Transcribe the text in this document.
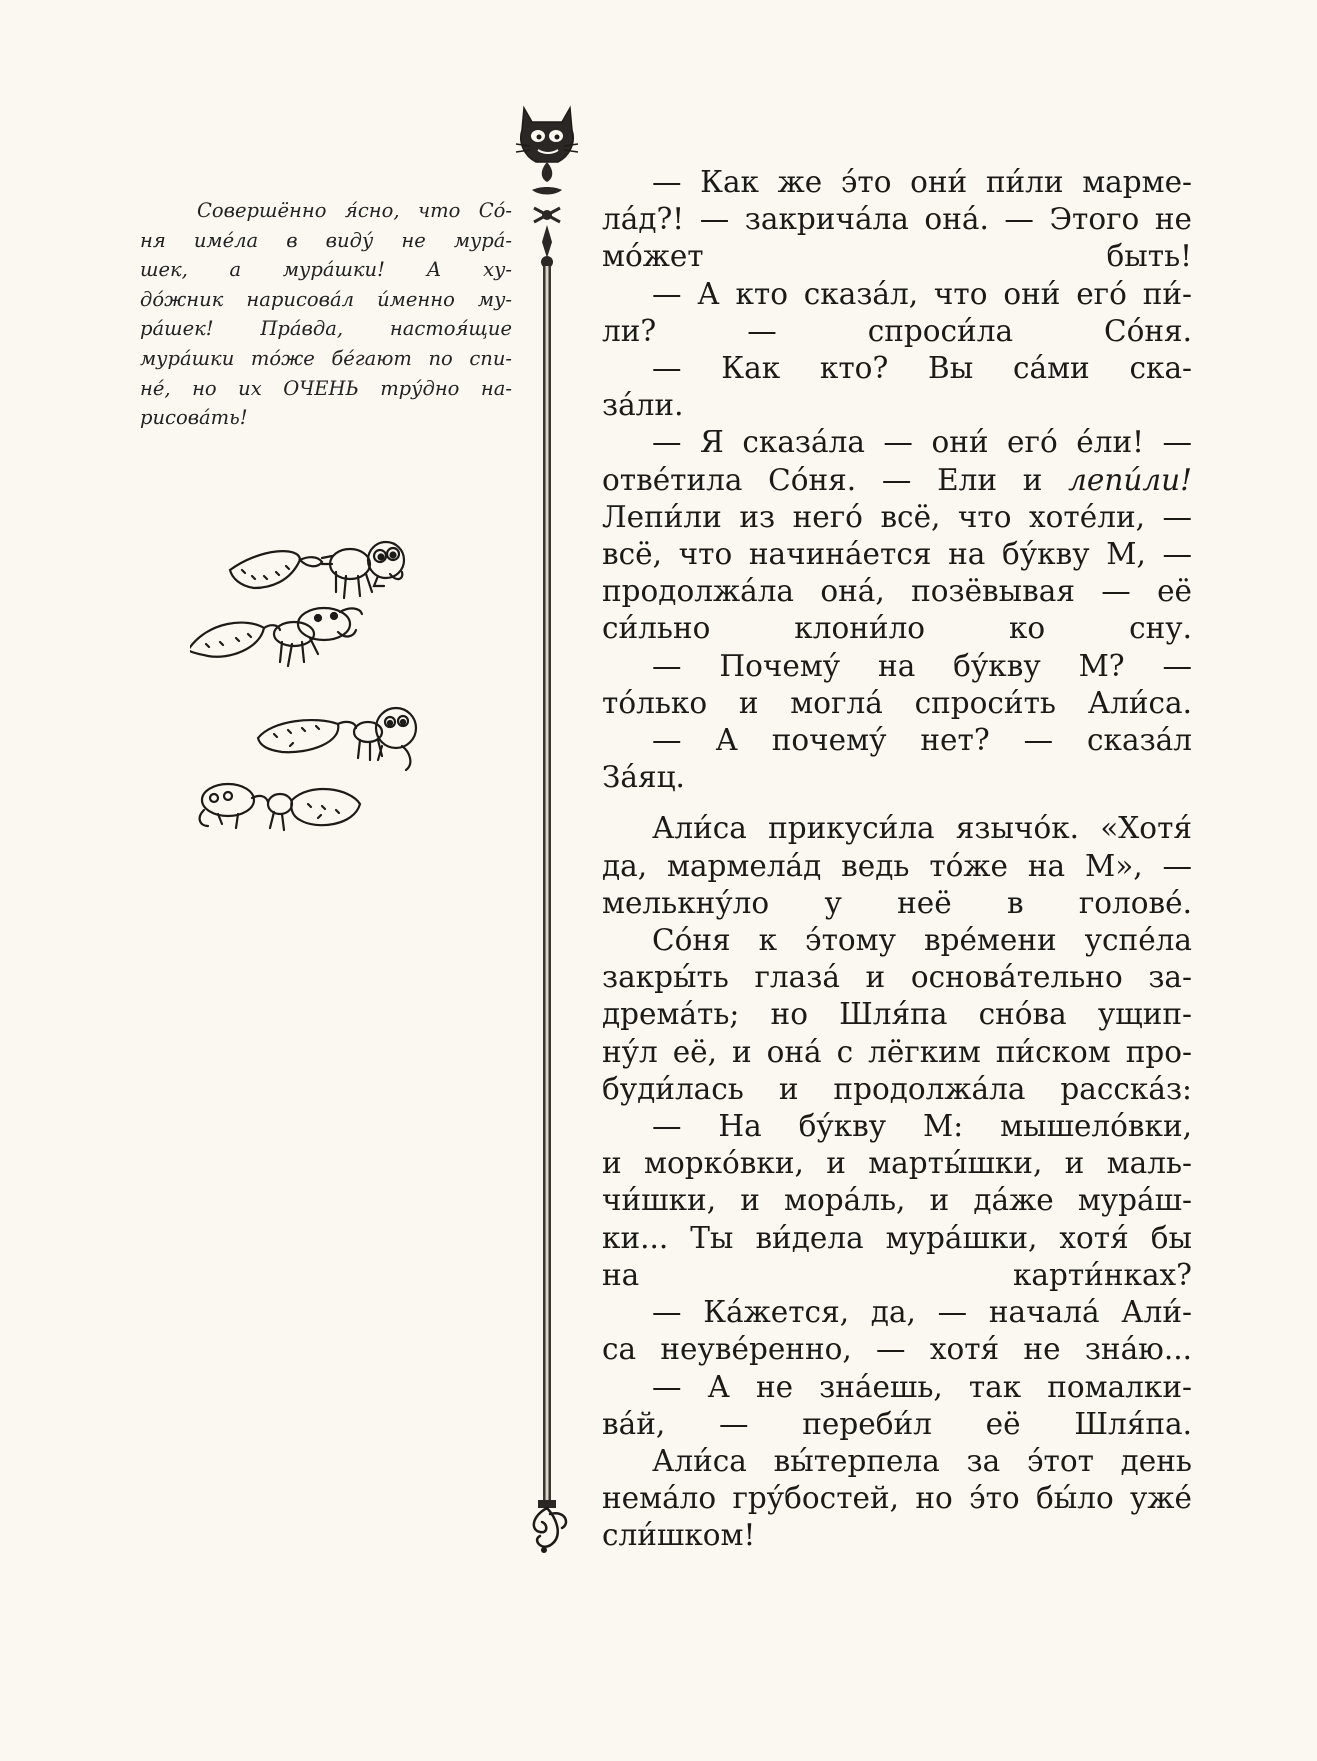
Совершённо я́сно, что Со́-
ня име́ла в виду́ не мура́-
шек, а мура́шки! А ху-
до́жник нарисова́л и́менно му-
ра́шек! Пра́вда, настоя́щие
мура́шки то́же бе́гают по спи-
не́, но их ОЧЕНЬ тру́дно на-
рисова́ть!

— Как же э́то они́ пи́ли марме-
ла́д?! — закрича́ла она́. — Этого не
мо́жет быть!

— А кто сказа́л, что они́ его́ пи́-
ли? — спроси́ла Со́ня.

— Как кто? Вы са́ми ска-
за́ли.

— Я сказа́ла — они́ его́ е́ли! —
отве́тила Со́ня. — Ели и лепи́ли!
Лепи́ли из него́ всё, что хоте́ли, —
всё, что начина́ется на бу́кву М, —
продолжа́ла она́, позёвывая — её
си́льно клони́ло ко сну.

— Почему́ на бу́кву М? —
то́лько и могла́ спроси́ть Али́са.

— А почему́ нет? — сказа́л
За́яц.

Али́са прикуси́ла язычо́к. «Хотя́
да, мармела́д ведь то́же на М», —
мелькну́ло у неё в голове́.

Со́ня к э́тому вре́мени успе́ла
закры́ть глаза́ и основа́тельно за-
дрема́ть; но Шля́па сно́ва ущип-
ну́л её, и она́ с лёгким пи́ском про-
буди́лась и продолжа́ла расска́з:

— На бу́кву М: мышело́вки,
и морко́вки, и марты́шки, и маль-
чи́шки, и мора́ль, и да́же мура́ш-
ки... Ты ви́дела мура́шки, хотя́ бы
на карти́нках?

— Ка́жется, да, — начала́ Али́-
са неуве́ренно, — хотя́ не зна́ю...

— А не зна́ешь, так помалки-
ва́й, — переби́л её Шля́па.

Али́са вы́терпела за э́тот день
нема́ло гру́бостей, но э́то бы́ло уже́
сли́шком!
